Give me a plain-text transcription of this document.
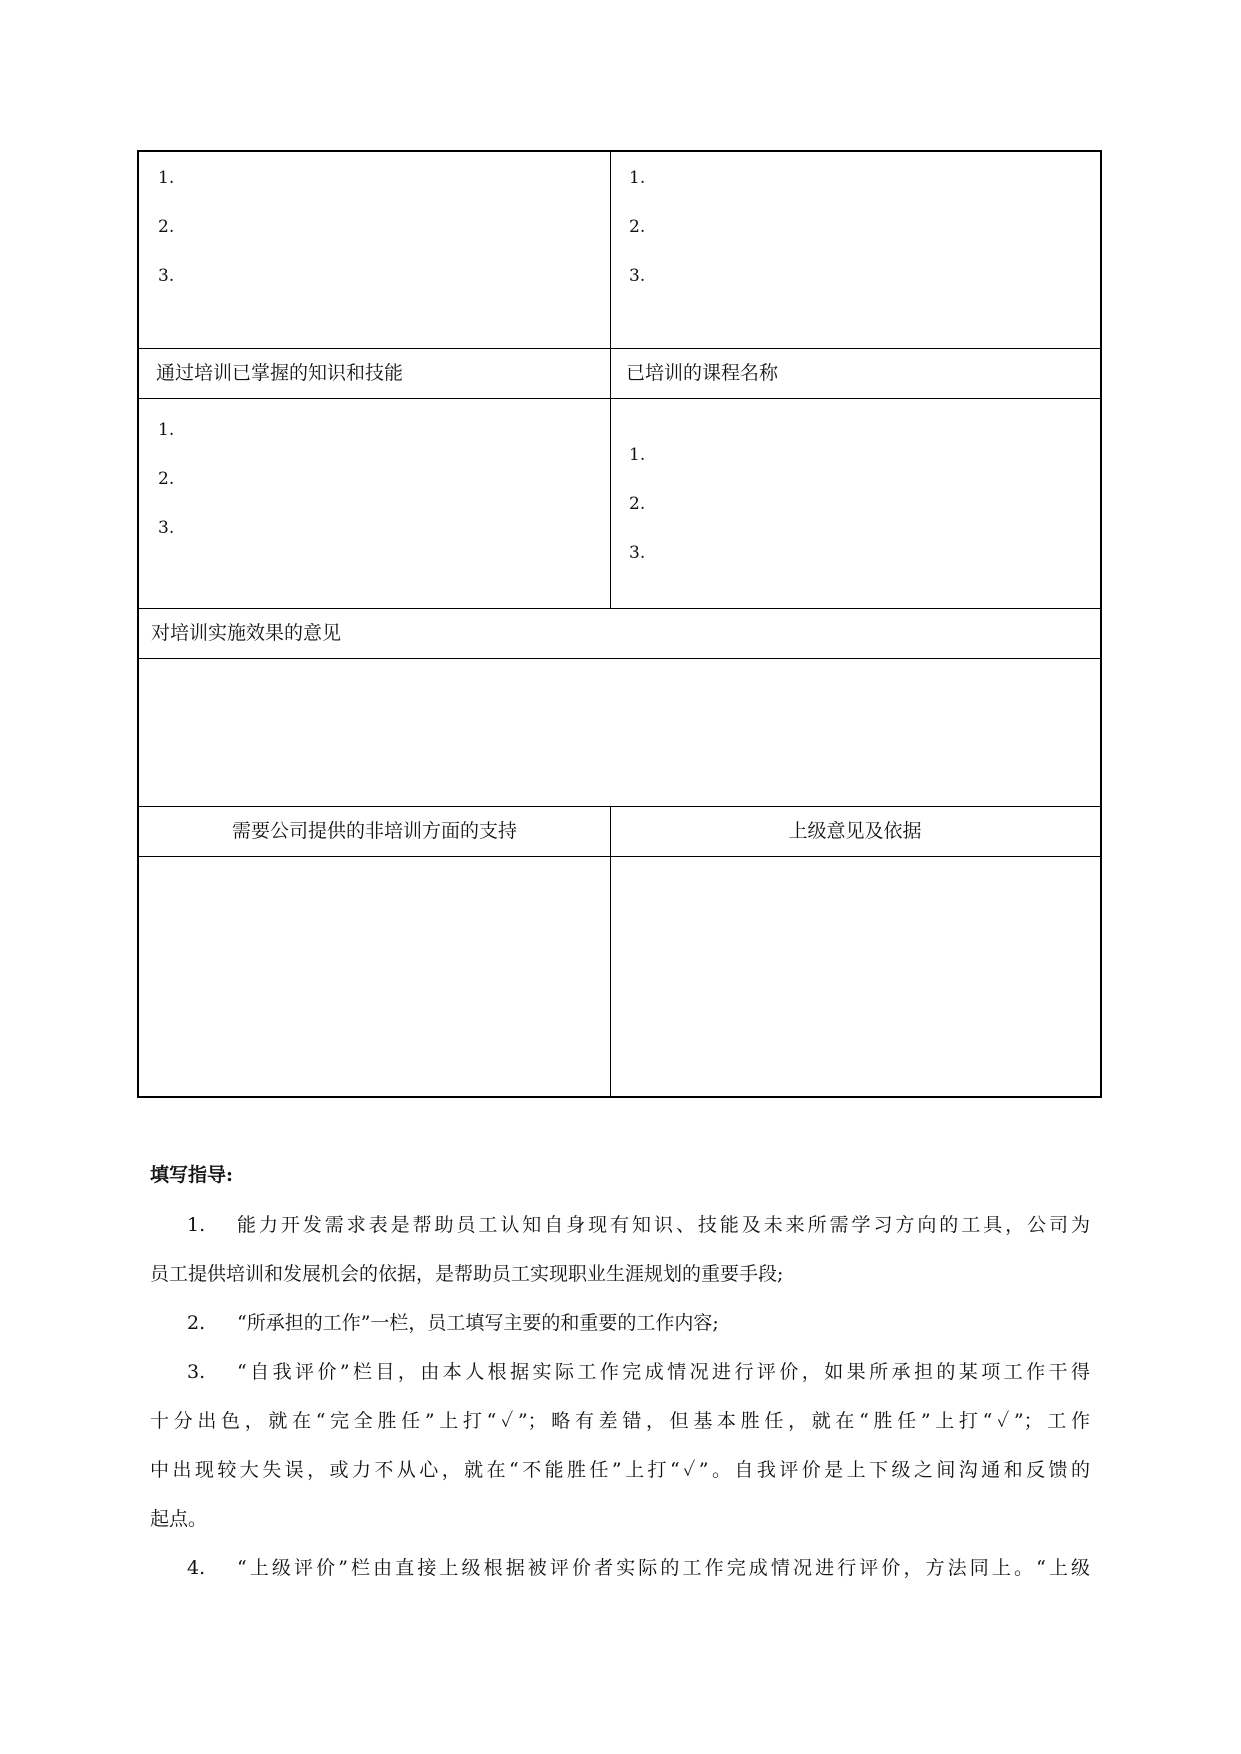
1.
2.
3.
1.
2.
3.
通过培训已掌握的知识和技能	已培训的课程名称
1.
2.
3.
1.
2.
3.
对培训实施效果的意见
需要公司提供的非培训方面的支持	上级意见及依据
填写指导:
1. 能力开发需求表是帮助员工认知自身现有知识、技能及未来所需学习方向的工具，公司为
员工提供培训和发展机会的依据，是帮助员工实现职业生涯规划的重要手段;
2. “所承担的工作”一栏，员工填写主要的和重要的工作内容;
3. “自我评价”栏目，由本人根据实际工作完成情况进行评价，如果所承担的某项工作干得
十分出色，就在“完全胜任”上打“✓”；略有差错，但基本胜任，就在“胜任”上打“✓”；工作
中出现较大失误，或力不从心，就在“不能胜任”上打“✓”。自我评价是上下级之间沟通和反馈的
起点。
4. “上级评价”栏由直接上级根据被评价者实际的工作完成情况进行评价，方法同上。“上级
